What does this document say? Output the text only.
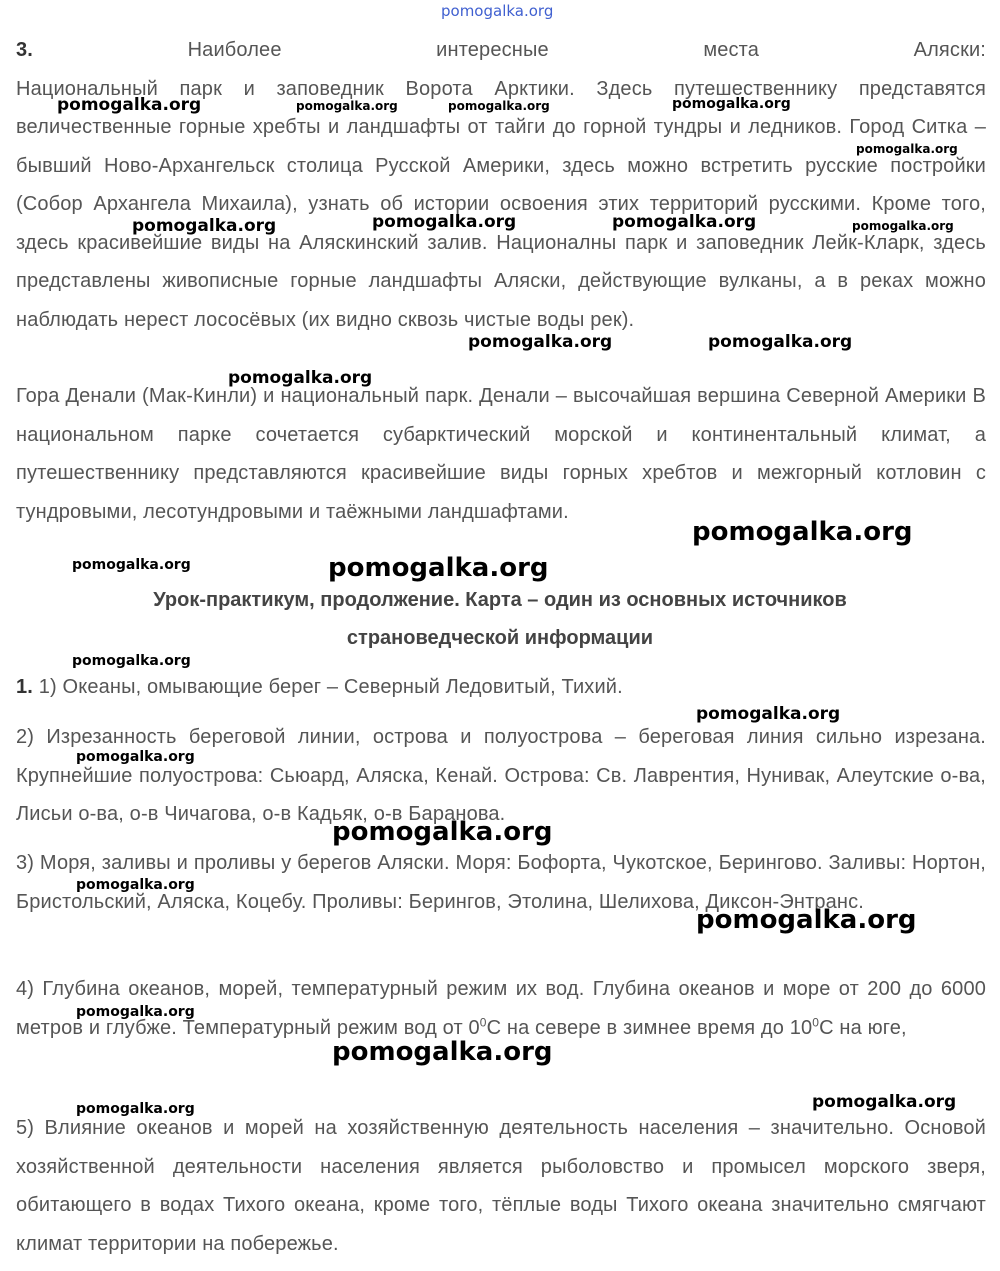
pomogalka.org
3.	Наиболее интересные места Аляски:
Национальный парк и заповедник Ворота Арктики. Здесь путешественнику представятся величественные горные хребты и ландшафты от тайги до горной тундры и ледников. Город Ситка – бывший Ново-Архангельск столица Русской Америки, здесь можно встретить русские постройки (Собор Архангела Михаила), узнать об истории освоения этих территорий русскими. Кроме того, здесь красивейшие виды на Аляскинский залив. Националны парк и заповедник Лейк-Кларк, здесь представлены живописные горные ландшафты Аляски, действующие вулканы, а в реках можно наблюдать нерест лососёвых (их видно сквозь чистые воды рек).
Гора Денали (Мак-Кинли) и национальный парк. Денали – высочайшая вершина Северной Америки В национальном парке сочетается субарктический морской и континентальный климат, а путешественнику представляются красивейшие виды горных хребтов и межгорный котловин с тундровыми, лесотундровыми и таёжными ландшафтами.
Урок-практикум, продолжение. Карта – один из основных источников
страноведческой информации
1. 1) Океаны, омывающие берег – Северный Ледовитый, Тихий.
2) Изрезанность береговой линии, острова и полуострова – береговая линия сильно изрезана. Крупнейшие полуострова: Сьюард, Аляска, Кенай. Острова: Св. Лаврентия, Нунивак, Алеутские о-ва, Лисьи о-ва, о-в Чичагова, о-в Кадьяк, о-в Баранова.
3) Моря, заливы и проливы у берегов Аляски. Моря: Бофорта, Чукотское, Берингово. Заливы: Нортон, Бристольский, Аляска, Коцебу. Проливы: Берингов, Этолина, Шелихова, Диксон-Энтранс.
4) Глубина океанов, морей, температурный режим их вод. Глубина океанов и море от 200 до 6000 метров и глубже. Температурный режим вод от $0^0С$ на севере в зимнее время до $10^0С$ на юге,
5) Влияние океанов и морей на хозяйственную деятельность населения – значительно. Основой хозяйственной деятельности населения является рыболовство и промысел морского зверя, обитающего в водах Тихого океана, кроме того, тёплые воды Тихого океана значительно смягчают климат территории на побережье.
pomogalka.org	pomogalka.org	pomogalka.org	pomogalka.org
pomogalka.org
pomogalka.org	pomogalka.org	pomogalka.org	pomogalka.org
pomogalka.org	pomogalka.org
pomogalka.org
pomogalka.org
pomogalka.org	pomogalka.org
pomogalka.org
pomogalka.org
pomogalka.org
pomogalka.org
pomogalka.org
pomogalka.org
pomogalka.org
pomogalka.org
pomogalka.org	pomogalka.org
